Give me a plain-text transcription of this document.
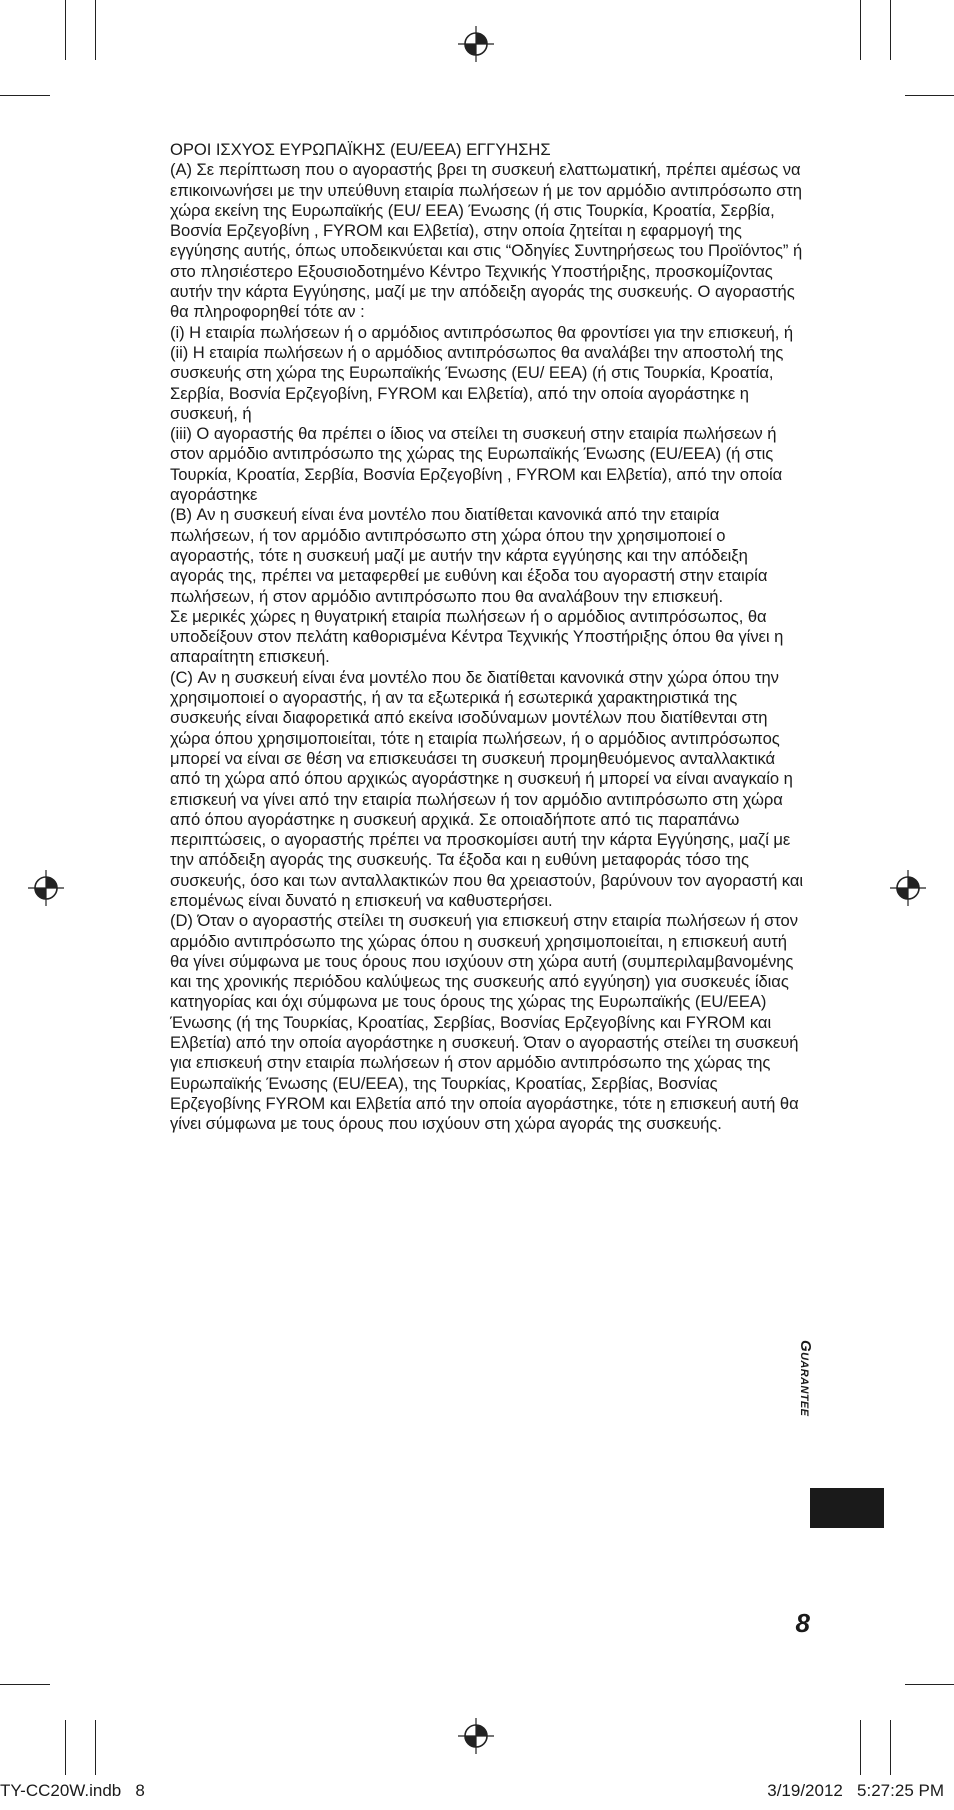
ΟΡΟΙ ΙΣΧΥΟΣ ΕΥΡΩΠΑΪΚΗΣ (EU/EEA) ΕΓΓΥΗΣΗΣ

(A) Σε περίπτωση που ο αγοραστής βρει τη συσκευή ελαττωματική, πρέπει αμέσως να επικοινωνήσει με την υπεύθυνη εταιρία πωλήσεων ή με τον αρμόδιο αντιπρόσωπο στη χώρα εκείνη της Ευρωπαϊκής (EU/ EEA) Ένωσης (ή στις Τουρκία, Κροατία, Σερβία, Βοσνία Ερζεγοβίνη , FYROM και Ελβετία), στην οποία ζητείται η εφαρμογή της εγγύησης αυτής, όπως υποδεικνύεται και στις “Οδηγίες Συντηρήσεως του Προϊόντος” ή στο πλησιέστερο Εξουσιοδοτημένο Κέντρο Τεχνικής Υποστήριξης, προσκομίζοντας αυτήν την κάρτα Εγγύησης, μαζί με την απόδειξη αγοράς της συσκευής. Ο αγοραστής θα πληροφορηθεί τότε αν :

(i) Η εταιρία πωλήσεων ή ο αρμόδιος αντιπρόσωπος θα φροντίσει για την επισκευή, ή

(ii) Η εταιρία πωλήσεων ή ο αρμόδιος αντιπρόσωπος θα αναλάβει την αποστολή της συσκευής στη χώρα της Ευρωπαϊκής Ένωσης (EU/ EEA) (ή στις Τουρκία, Κροατία, Σερβία, Βοσνία Ερζεγοβίνη, FYROM και Ελβετία), από την οποία αγοράστηκε η συσκευή, ή

(iii) Ο αγοραστής θα πρέπει ο ίδιος να στείλει τη συσκευή στην εταιρία πωλήσεων ή στον αρμόδιο αντιπρόσωπο της χώρας της Ευρωπαϊκής Ένωσης (EU/EEA) (ή στις Τουρκία, Κροατία, Σερβία, Βοσνία Ερζεγοβίνη , FYROM και Ελβετία), από την οποία αγοράστηκε

(B) Αν η συσκευή είναι ένα μοντέλο που διατίθεται κανονικά από την εταιρία πωλήσεων, ή τον αρμόδιο αντιπρόσωπο στη χώρα όπου την χρησιμοποιεί ο αγοραστής, τότε η συσκευή μαζί με αυτήν την κάρτα εγγύησης και την απόδειξη αγοράς της, πρέπει να μεταφερθεί με ευθύνη και έξοδα του αγοραστή στην εταιρία πωλήσεων, ή στον αρμόδιο αντιπρόσωπο που θα αναλάβουν την επισκευή.

Σε μερικές χώρες η θυγατρική εταιρία πωλήσεων ή ο αρμόδιος αντιπρόσωπος, θα υποδείξουν στον πελάτη καθορισμένα Κέντρα Τεχνικής Υποστήριξης όπου θα γίνει η απαραίτητη επισκευή.

(C) Αν η συσκευή είναι ένα μοντέλο που δε διατίθεται κανονικά στην χώρα όπου την χρησιμοποιεί ο αγοραστής, ή αν τα εξωτερικά ή εσωτερικά χαρακτηριστικά της συσκευής είναι διαφορετικά από εκείνα ισοδύναμων μοντέλων που διατίθενται στη χώρα όπου χρησιμοποιείται, τότε η εταιρία πωλήσεων, ή ο αρμόδιος αντιπρόσωπος μπορεί να είναι σε θέση να επισκευάσει τη συσκευή προμηθευόμενος ανταλλακτικά από τη χώρα από όπου αρχικώς αγοράστηκε η συσκευή ή μπορεί να είναι αναγκαίο η επισκευή να γίνει από την εταιρία πωλήσεων ή τον αρμόδιο αντιπρόσωπο στη χώρα από όπου αγοράστηκε η συσκευή αρχικά. Σε οποιαδήποτε από τις παραπάνω περιπτώσεις, ο αγοραστής πρέπει να προσκομίσει αυτή την κάρτα Εγγύησης, μαζί με την απόδειξη αγοράς της συσκευής. Τα έξοδα και η ευθύνη μεταφοράς τόσο της συσκευής, όσο και των ανταλλακτικών που θα χρειαστούν, βαρύνουν τον αγοραστή και επομένως είναι δυνατό η επισκευή να καθυστερήσει.

(D) Όταν ο αγοραστής στείλει τη συσκευή για επισκευή στην εταιρία πωλήσεων ή στον αρμόδιο αντιπρόσωπο της χώρας όπου η συσκευή χρησιμοποιείται, η επισκευή αυτή θα γίνει σύμφωνα με τους όρους που ισχύουν στη χώρα αυτή (συμπεριλαμβανομένης και της χρονικής περιόδου καλύψεως της συσκευής από εγγύηση) για συσκευές ίδιας κατηγορίας και όχι σύμφωνα με τους όρους της χώρας της Ευρωπαϊκής (EU/EEA) Ένωσης (ή της Τουρκίας, Κροατίας, Σερβίας, Βοσνίας Ερζεγοβίνης και FYROM και Ελβετία) από την οποία αγοράστηκε η συσκευή. Όταν ο αγοραστής στείλει τη συσκευή για επισκευή στην εταιρία πωλήσεων ή στον αρμόδιο αντιπρόσωπο της χώρας της Ευρωπαϊκής Ένωσης (EU/EEA), της Τουρκίας, Κροατίας, Σερβίας, Βοσνίας Ερζεγοβίνης FYROM και Ελβετία από την οποία αγοράστηκε, τότε η επισκευή αυτή θα γίνει σύμφωνα με τους όρους που ισχύουν στη χώρα αγοράς της συσκευής.

Guarantee
8
TY-CC20W.indb   8	3/19/2012   5:27:25 PM
